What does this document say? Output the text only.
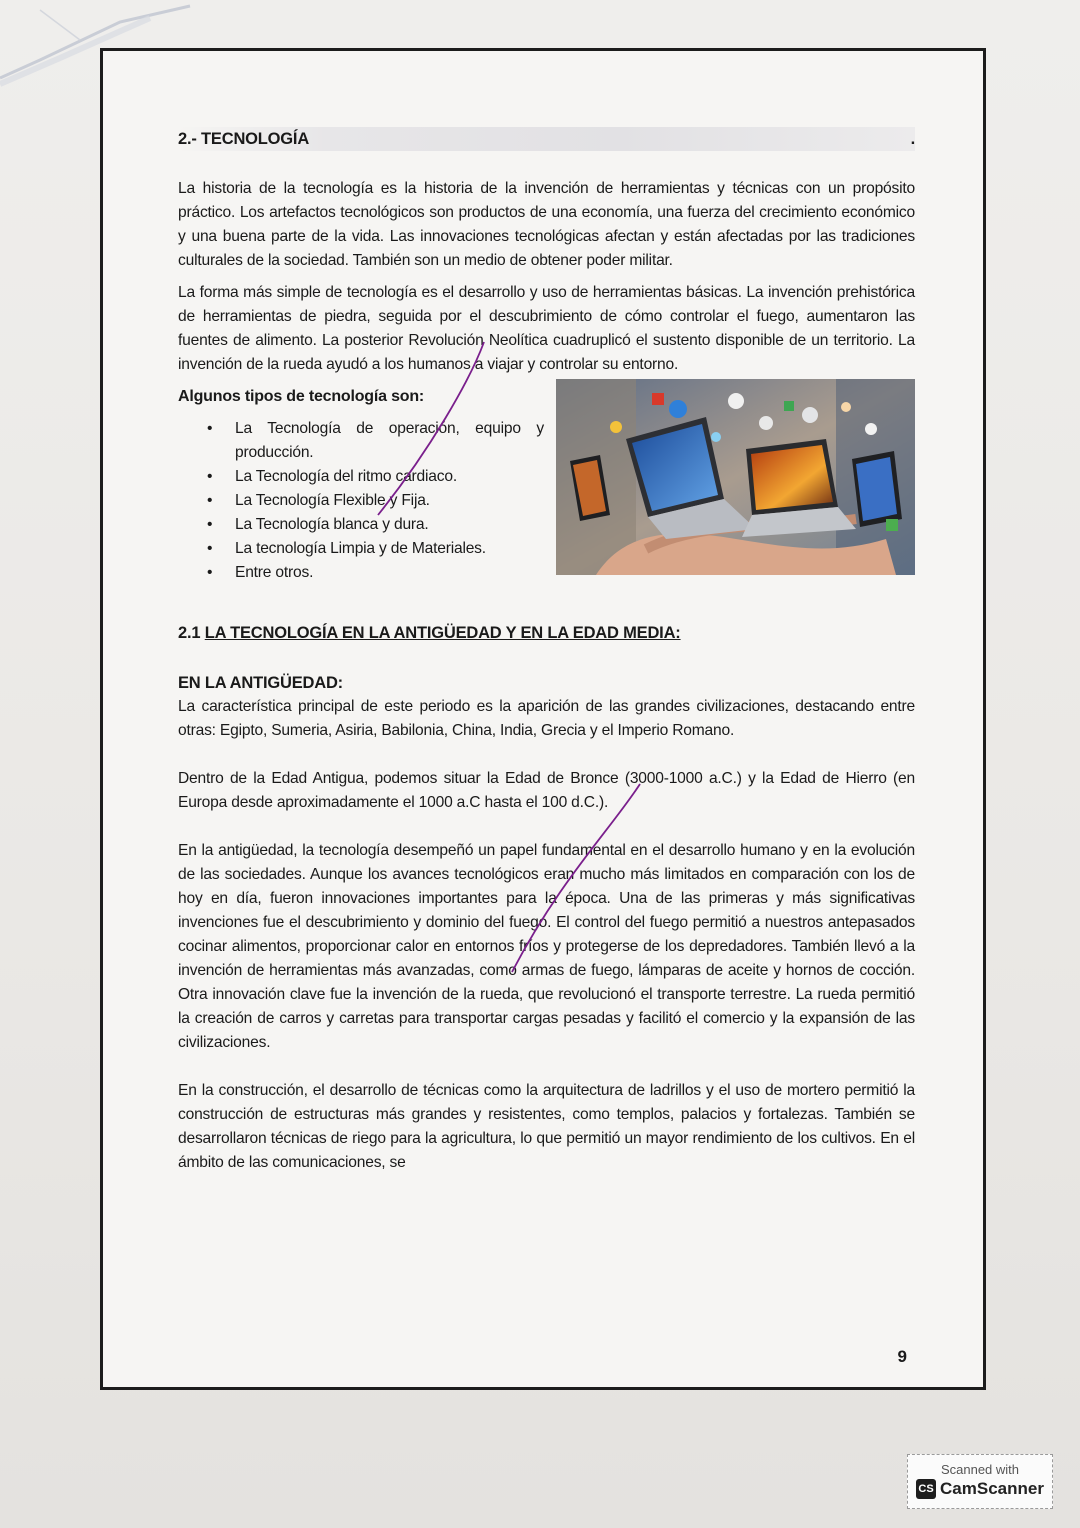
2.- TECNOLOGÍA	.

La historia de la tecnología es la historia de la invención de herramientas y técnicas con un propósito práctico. Los artefactos tecnológicos son productos de una economía, una fuerza del crecimiento económico y una buena parte de la vida. Las innovaciones tecnológicas afectan y están afectadas por las tradiciones culturales de la sociedad. También son un medio de obtener poder militar.

La forma más simple de tecnología es el desarrollo y uso de herramientas básicas. La invención prehistórica de herramientas de piedra, seguida por el descubrimiento de cómo controlar el fuego, aumentaron las fuentes de alimento. La posterior Revolución Neolítica cuadruplicó el sustento disponible de un territorio. La invención de la rueda ayudó a los humanos a viajar y controlar su entorno.

Algunos tipos de tecnología son:
• La Tecnología de operación, equipo y producción.
• La Tecnología del ritmo cardiaco.
• La Tecnología Flexible y Fija.
• La Tecnología blanca y dura.
• La tecnología Limpia y de Materiales.
• Entre otros.
2.1 LA TECNOLOGÍA EN LA ANTIGÜEDAD Y EN LA EDAD MEDIA:
EN LA ANTIGÜEDAD:

La característica principal de este periodo es la aparición de las grandes civilizaciones, destacando entre otras: Egipto, Sumeria, Asiria, Babilonia, China, India, Grecia y el Imperio Romano.

Dentro de la Edad Antigua, podemos situar la Edad de Bronce (3000-1000 a.C.) y la Edad de Hierro (en Europa desde aproximadamente el 1000 a.C hasta el 100 d.C.).

En la antigüedad, la tecnología desempeñó un papel fundamental en el desarrollo humano y en la evolución de las sociedades. Aunque los avances tecnológicos eran mucho más limitados en comparación con los de hoy en día, fueron innovaciones importantes para la época. Una de las primeras y más significativas invenciones fue el descubrimiento y dominio del fuego. El control del fuego permitió a nuestros antepasados cocinar alimentos, proporcionar calor en entornos fríos y protegerse de los depredadores. También llevó a la invención de herramientas más avanzadas, como armas de fuego, lámparas de aceite y hornos de cocción. Otra innovación clave fue la invención de la rueda, que revolucionó el transporte terrestre. La rueda permitió la creación de carros y carretas para transportar cargas pesadas y facilitó el comercio y la expansión de las civilizaciones.

En la construcción, el desarrollo de técnicas como la arquitectura de ladrillos y el uso de mortero permitió la construcción de estructuras más grandes y resistentes, como templos, palacios y fortalezas. También se desarrollaron técnicas de riego para la agricultura, lo que permitió un mayor rendimiento de los cultivos. En el ámbito de las comunicaciones, se

9
Scanned with
CS CamScanner
